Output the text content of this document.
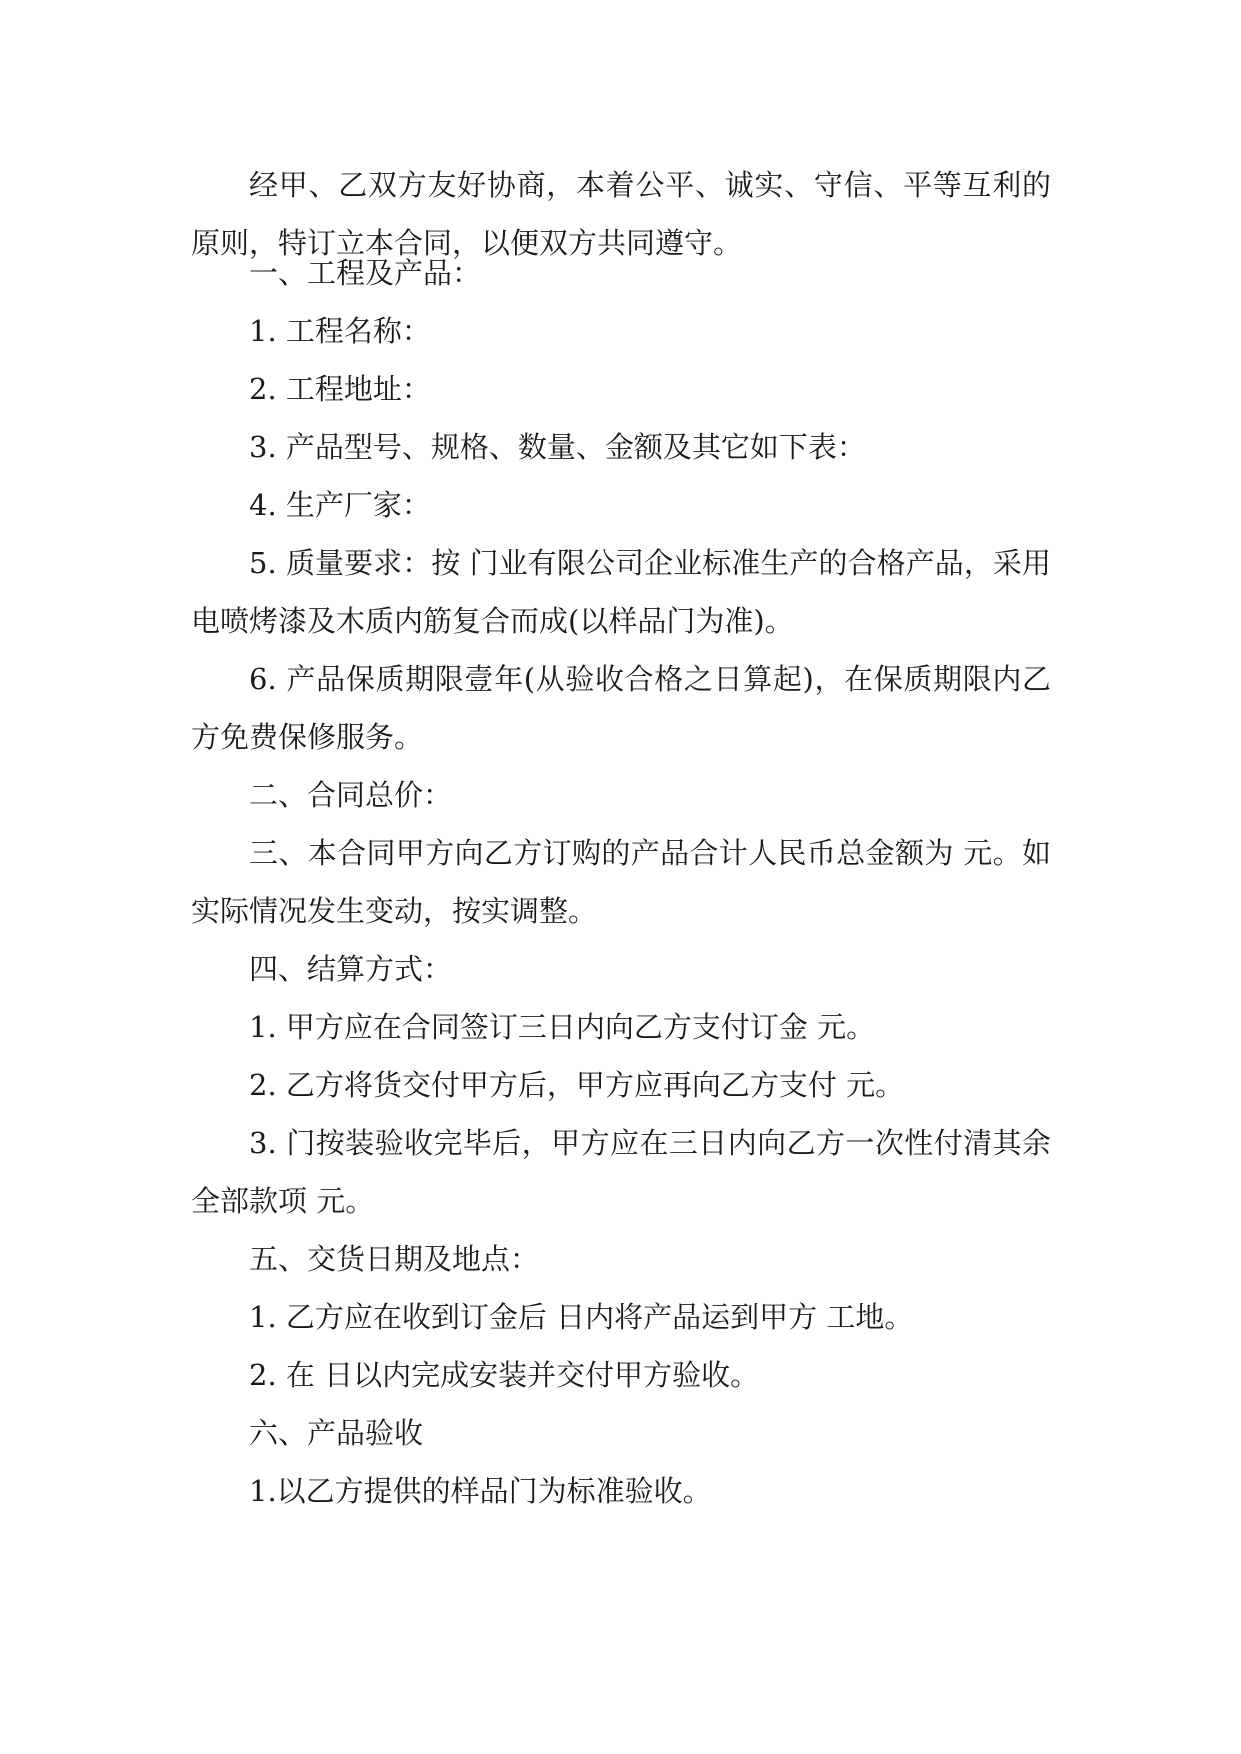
经甲、乙双方友好协商，本着公平、诚实、守信、平等互利的原则，特订立本合同，以便双方共同遵守。

一、工程及产品：

1. 工程名称：

2. 工程地址：

3. 产品型号、规格、数量、金额及其它如下表：

4. 生产厂家：

5. 质量要求：按 门业有限公司企业标准生产的合格产品，采用电喷烤漆及木质内筋复合而成(以样品门为准)。

6. 产品保质期限壹年(从验收合格之日算起)，在保质期限内乙方免费保修服务。

二、合同总价：

三、本合同甲方向乙方订购的产品合计人民币总金额为 元。如实际情况发生变动，按实调整。

四、结算方式：

1. 甲方应在合同签订三日内向乙方支付订金 元。

2. 乙方将货交付甲方后，甲方应再向乙方支付 元。

3. 门按装验收完毕后，甲方应在三日内向乙方一次性付清其余全部款项 元。

五、交货日期及地点：

1. 乙方应在收到订金后 日内将产品运到甲方 工地。

2. 在 日以内完成安装并交付甲方验收。

六、产品验收

1.以乙方提供的样品门为标准验收。
